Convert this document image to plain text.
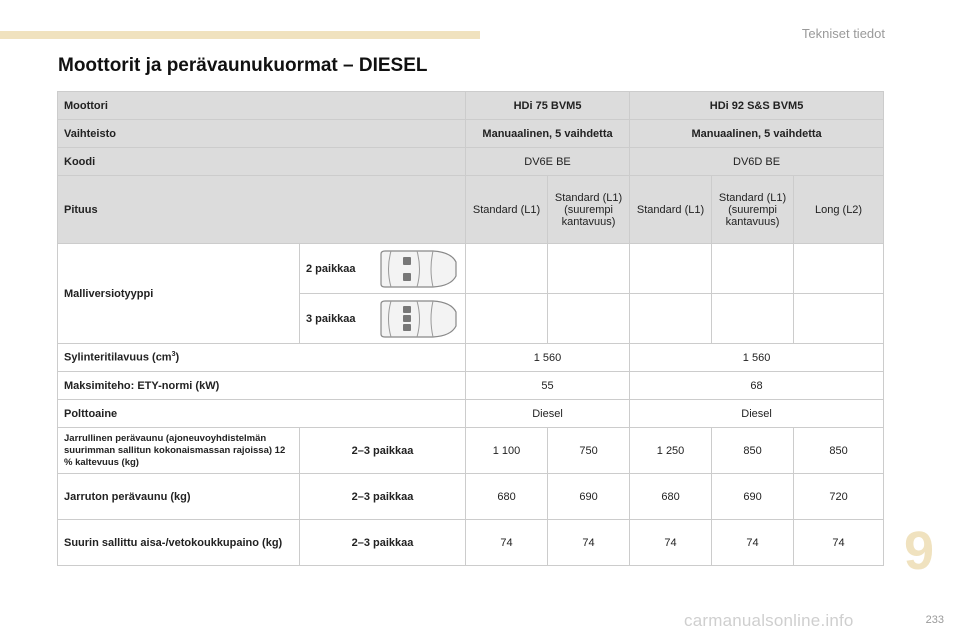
Tekniset tiedot
Moottorit ja perävaunukuormat – DIESEL
Moottori		HDi 75 BVM5		HDi 92 S&S BVM5		
Vaihteisto		Manuaalinen, 5 vaihdetta		Manuaalinen, 5 vaihdetta		
Koodi		DV6E BE		DV6D BE		
Pituus		Standard (L1)	Standard (L1) (suurempi kantavuus)	Standard (L1)	Standard (L1) (suurempi kantavuus)	Long (L2)
Malliversiotyyppi	2 paikkaa					

	3 paikkaa					

Sylinteritilavuus $(cm^3)$		1 560		1 560		
Maksimiteho: ETY-normi (kW)		55		68		
Polttoaine		Diesel		Diesel		
Jarrullinen perävaunu (ajoneuvoyhdistelmän suurimman sallitun kokonaismassan rajoissa) 12 % kaltevuus (kg)	2–3 paikkaa	1 100	750	1 250	850	850
Jarruton perävaunu (kg)	2–3 paikkaa	680	690	680	690	720
Suurin sallittu aisa-/vetokoukkupaino (kg)	2–3 paikkaa	74	74	74	74	74 9
carmanualsonline.info	233
